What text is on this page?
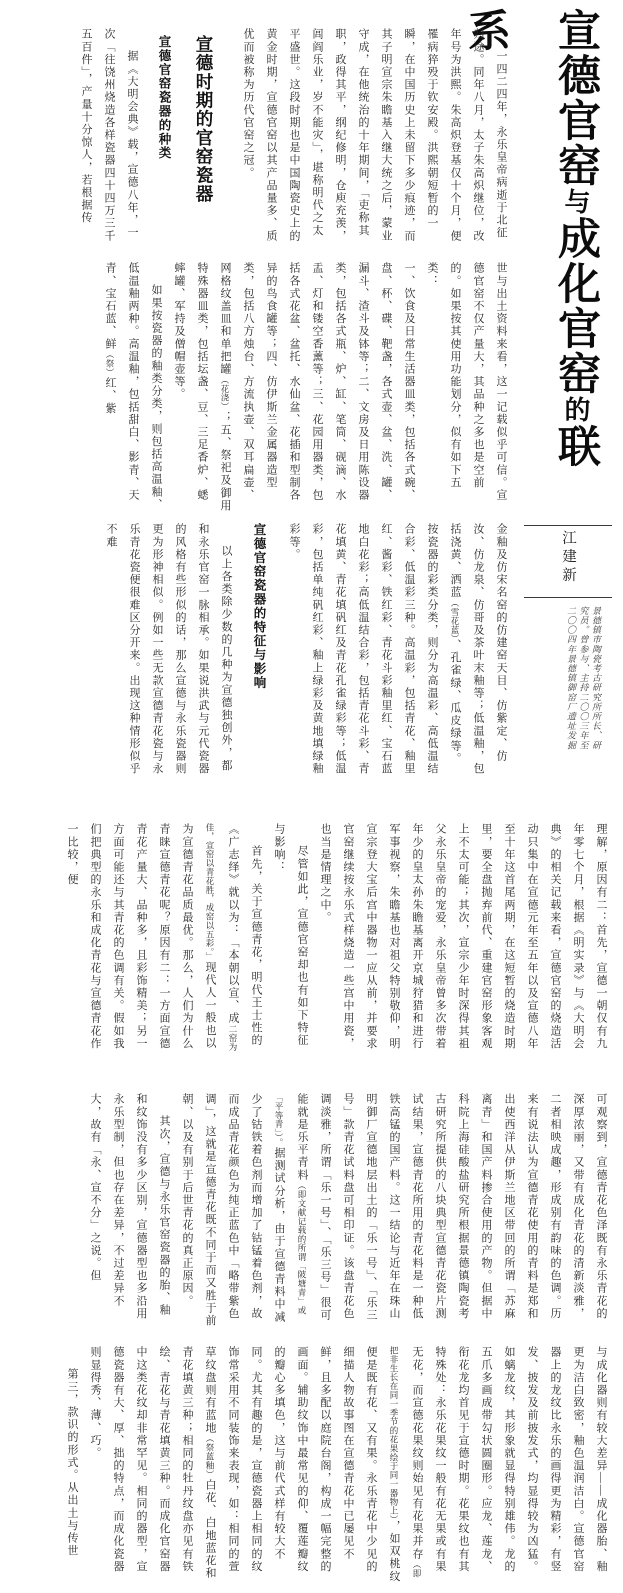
宣德官窑与成化官窑的联系
江建新
景德镇市陶瓷考古研究所所长、研究员。曾参与、主持二〇〇三年至二〇〇四年景德镇御窑厂遗址发掘

一四二四年，永乐皇帝病逝于北征归途。同年八月，太子朱高炽继位，改年号为洪熙。朱高炽登基仅十个月，便罹病猝殁于钦安殿。洪熙朝短暂的一瞬，在中国历史上未留下多少痕迹，而其子明宣宗朱瞻基入继大统之后，蒙业守成，在他统治的十年期间，「吏称其职，政得其平，纲纪修明，仓庾充羡，闾阎乐业，岁不能灾」，堪称明代之太平盛世。这段时期也是中国陶瓷史上的黄金时期，宣德官窑以其产品量多、质优而被称为历代官窑之冠。

宣德时期的官窑瓷器
宣德官窑瓷器的种类

据《大明会典》载，宣德八年，一次「往饶州烧造各样瓷器四十四万三千五百件」，产量十分惊人，若根据传

世与出土资料来看，这一记载似乎可信。宣德官窑不仅产量大，其品种之多也是空前的。如果按其使用功能划分，似有如下五类：

一、饮食及日常生活器皿类，包括各式碗、盘、杯、碟、靶盏，各式壶、盆、洗、罐、漏斗、渣斗及钵等；二、文房及日用陈设器类，包括各式瓶、炉、缸、笔筒、砚滴、水盂、灯和镂空香薰等；三、花园用器类，包括各式花盆、盆托、水仙盆、花插和型制各异的鸟食罐等；四、仿伊斯兰金属器造型类，包括八方烛台、方流执壶、双耳扁壶、网格纹盖皿和单把罐（花浇）；五、祭祀及御用特殊器皿类，包括坛盏、豆、三足香炉、蟋蟀罐、军持及僧帽壶等。

如果按瓷器的釉类分类，则包括高温釉、低温釉两种。高温釉，包括甜白、影青、天青、宝石蓝、鲜（祭）红、紫

金釉及仿宋名窑的仿建窑天目、仿紫定、仿汝、仿龙泉、仿哥及茶叶末釉等；低温釉，包括浇黄、洒蓝（雪花蓝）、孔雀绿、瓜皮绿等。按瓷器的彩类分类，则分为高温彩、高低温结合彩、低温彩三种。高温彩，包括青花、釉里红、酱彩、铁红彩、青花斗彩釉里红、宝石蓝地白花彩；高低温结合彩，包括青花斗彩、青花填黄、青花填矾红及青花孔雀绿彩等；低温彩，包括单纯矾红彩、釉上绿彩及黄地填绿釉彩等。

宣德官窑瓷器的特征与影响

以上各类除少数的几种为宣德独创外，都和永乐官窑一脉相承。如果说洪武与元代瓷器的风格有些形似的话，那么宣德与永乐瓷器则更为形神相似。例如一些无款宣德青花瓷与永乐青花瓷便很难区分开来。出现这种情形似乎不难

理解，原因有二：首先，宣德一朝仅有九年零七个月，根据《明实录》与《大明会典》的相关记载来看，宣德官窑的烧造活动只集中在宣德元年至五年以及宣德八年至十年这首尾两期，在这短暂的烧造时期里，要全盘抛弃前代、重建官窑形象客观上不太可能；其次，宣宗少年时深得其祖父永乐皇帝的宠爱，永乐皇帝曾多次带着年少的皇太孙朱瞻基离开京城狩猎和进行军事视察，朱瞻基也对祖父特别敬仰，明宣宗登大宝后宫中器物一应从前，并要求官窑继续按永乐式样烧造一些宫中用瓷，也当是情理之中。

尽管如此，宣德官窑却也有如下特征与影响：

首先，关于宣德青花，明代王士性的《广志绎》就以为：「本朝以宣、成二窑为佳，宣窑以青花胜，成窑以五彩。」现代人一般也以为宣德青花品质最优。那么，人们为什么青睐宣德青花呢？原因有二：一方面宣德青花产量大、品种多，且彩饰精美；另一方面可能还与其青花的色调有关。假如我们把典型的永乐和成化青花与宣德青花作一比较，便

可观察到，宣德青花色泽既有永乐青花的深厚浓丽，又带有成化青花的清新淡雅，二者相映成趣，形成别有韵味的色调。历来有说法认为宣德青花使用的青料是郑和出使西洋从伊斯兰地区带回的所谓「苏麻离青」和国产料掺合使用的产物。但据中科院上海硅酸盐研究所根据景德镇陶瓷考古研究所提供的八块典型宣德青花瓷片测试结果，宣德青花所用的青花料是一种低铁高锰的国产料。这一结论与近年在珠山明御厂宣德地层出土的「乐一号」、「乐三号」款青花试料盘可相印证。该盘青花色调淡雅，所谓「乐一号」、「乐三号」很可能就是乐平青料（即文献记载的所谓「陂塘青」或「平等青」）。据测试分析，由于宣德青料中减少了钴铁着色剂而增加了钴锰着色剂，故而成品青花颜色为纯正蓝色中「略带紫色调」，这就是宣德青花既不同于而又胜于前朝、以及有别于后世青花的真正原因。

其次，宣德与永乐官窑瓷器的胎、釉和纹饰没有多少区别，宣德器型也多沿用永乐型制，但也存在差异，不过差异不大，故有「永、宣不分」之说。但

与成化器则有较大差异——成化器胎、釉更为洁白致密，釉色温润洁白。宣德官窑器上的龙纹比永乐的画得更为精彩，有竖发、披发及前披发式，均显得较为凶猛。如螭龙纹，其形象就显得特别雄伟。龙的五爪多画成带勾状圆圈形。应龙、莲龙、衔花龙均首见于宣德时期。花果纹也有其特殊处：永乐花果纹一般有花无果或有果无花，而宣德花果纹则始见有花果并存（即把非生长在同一季节的花果绘于同一器物上），如双桃纹便是既有花、又有果。永乐青花中少见的细描人物故事图在宣德青花中已屡见不鲜，且多配以庭院台阁，构成一幅完整的画面。辅助纹饰中最常见的仰、覆莲瓣纹的瓣心多填色，这与前代式样有较大不同。尤其有趣的是，宣德瓷器上相同的纹饰常采用不同装饰来表现，如：相同的萱草纹盘则有蓝地（祭蓝釉）白花、白地蓝花和青花填黄三种；相同的牡丹纹盘亦见有铁绘、青花与青花填黄三种。而成化官窑器中这类花纹却非常罕见。相同的器型，宣德瓷器有大、厚、拙的特点，而成化瓷器则显得秀、薄、巧。

第三，款识的形式。从出土与传世
